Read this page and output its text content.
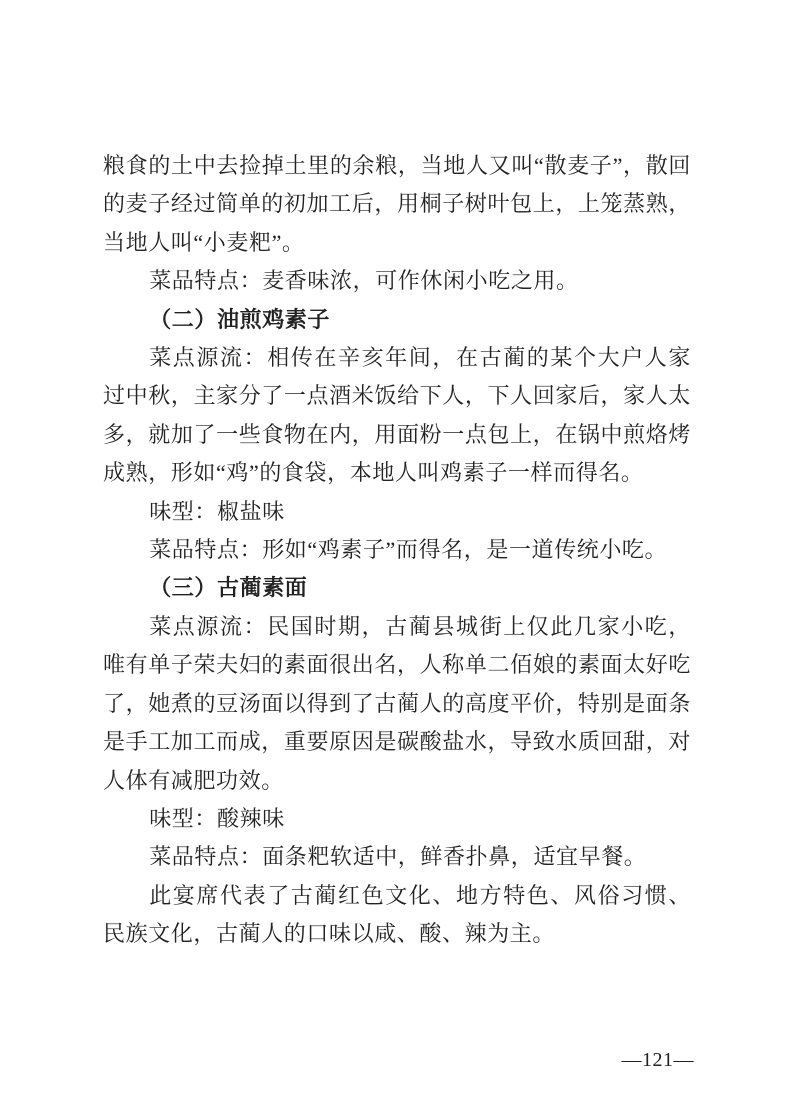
粮食的土中去捡掉土里的余粮，当地人又叫“散麦子”，散回的麦子经过简单的初加工后，用桐子树叶包上，上笼蒸熟，当地人叫“小麦粑”。

菜品特点：麦香味浓，可作休闲小吃之用。

（二）油煎鸡素子

菜点源流：相传在辛亥年间，在古蔺的某个大户人家过中秋，主家分了一点酒米饭给下人，下人回家后，家人太多，就加了一些食物在内，用面粉一点包上，在锅中煎烙烤成熟，形如“鸡”的食袋，本地人叫鸡素子一样而得名。

味型：椒盐味

菜品特点：形如“鸡素子”而得名，是一道传统小吃。

（三）古蔺素面

菜点源流：民国时期，古蔺县城街上仅此几家小吃，唯有单子荣夫妇的素面很出名，人称单二佰娘的素面太好吃了，她煮的豆汤面以得到了古蔺人的高度平价，特别是面条是手工加工而成，重要原因是碳酸盐水，导致水质回甜，对人体有减肥功效。

味型：酸辣味

菜品特点：面条粑软适中，鲜香扑鼻，适宜早餐。

此宴席代表了古蔺红色文化、地方特色、风俗习惯、民族文化，古蔺人的口味以咸、酸、辣为主。

—121—
